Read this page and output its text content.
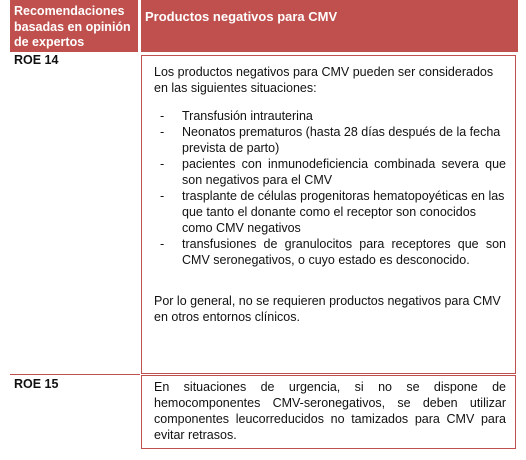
Recomendaciones basadas en opinión de expertos
Productos negativos para CMV
ROE 14
Los productos negativos para CMV pueden ser considerados en las siguientes situaciones:
- Transfusión intrauterina
- Neonatos prematuros (hasta 28 días después de la fecha prevista de parto)
- pacientes con inmunodeficiencia combinada severa que son negativos para el CMV
- trasplante de células progenitoras hematopoyéticas en las que tanto el donante como el receptor son conocidos como CMV negativos
- transfusiones de granulocitos para receptores que son CMV seronegativos, o cuyo estado es desconocido.
Por lo general, no se requieren productos negativos para CMV en otros entornos clínicos.
ROE 15	En situaciones de urgencia, si no se dispone de hemocomponentes CMV-seronegativos, se deben utilizar componentes leucorreducidos no tamizados para CMV para evitar retrasos.
